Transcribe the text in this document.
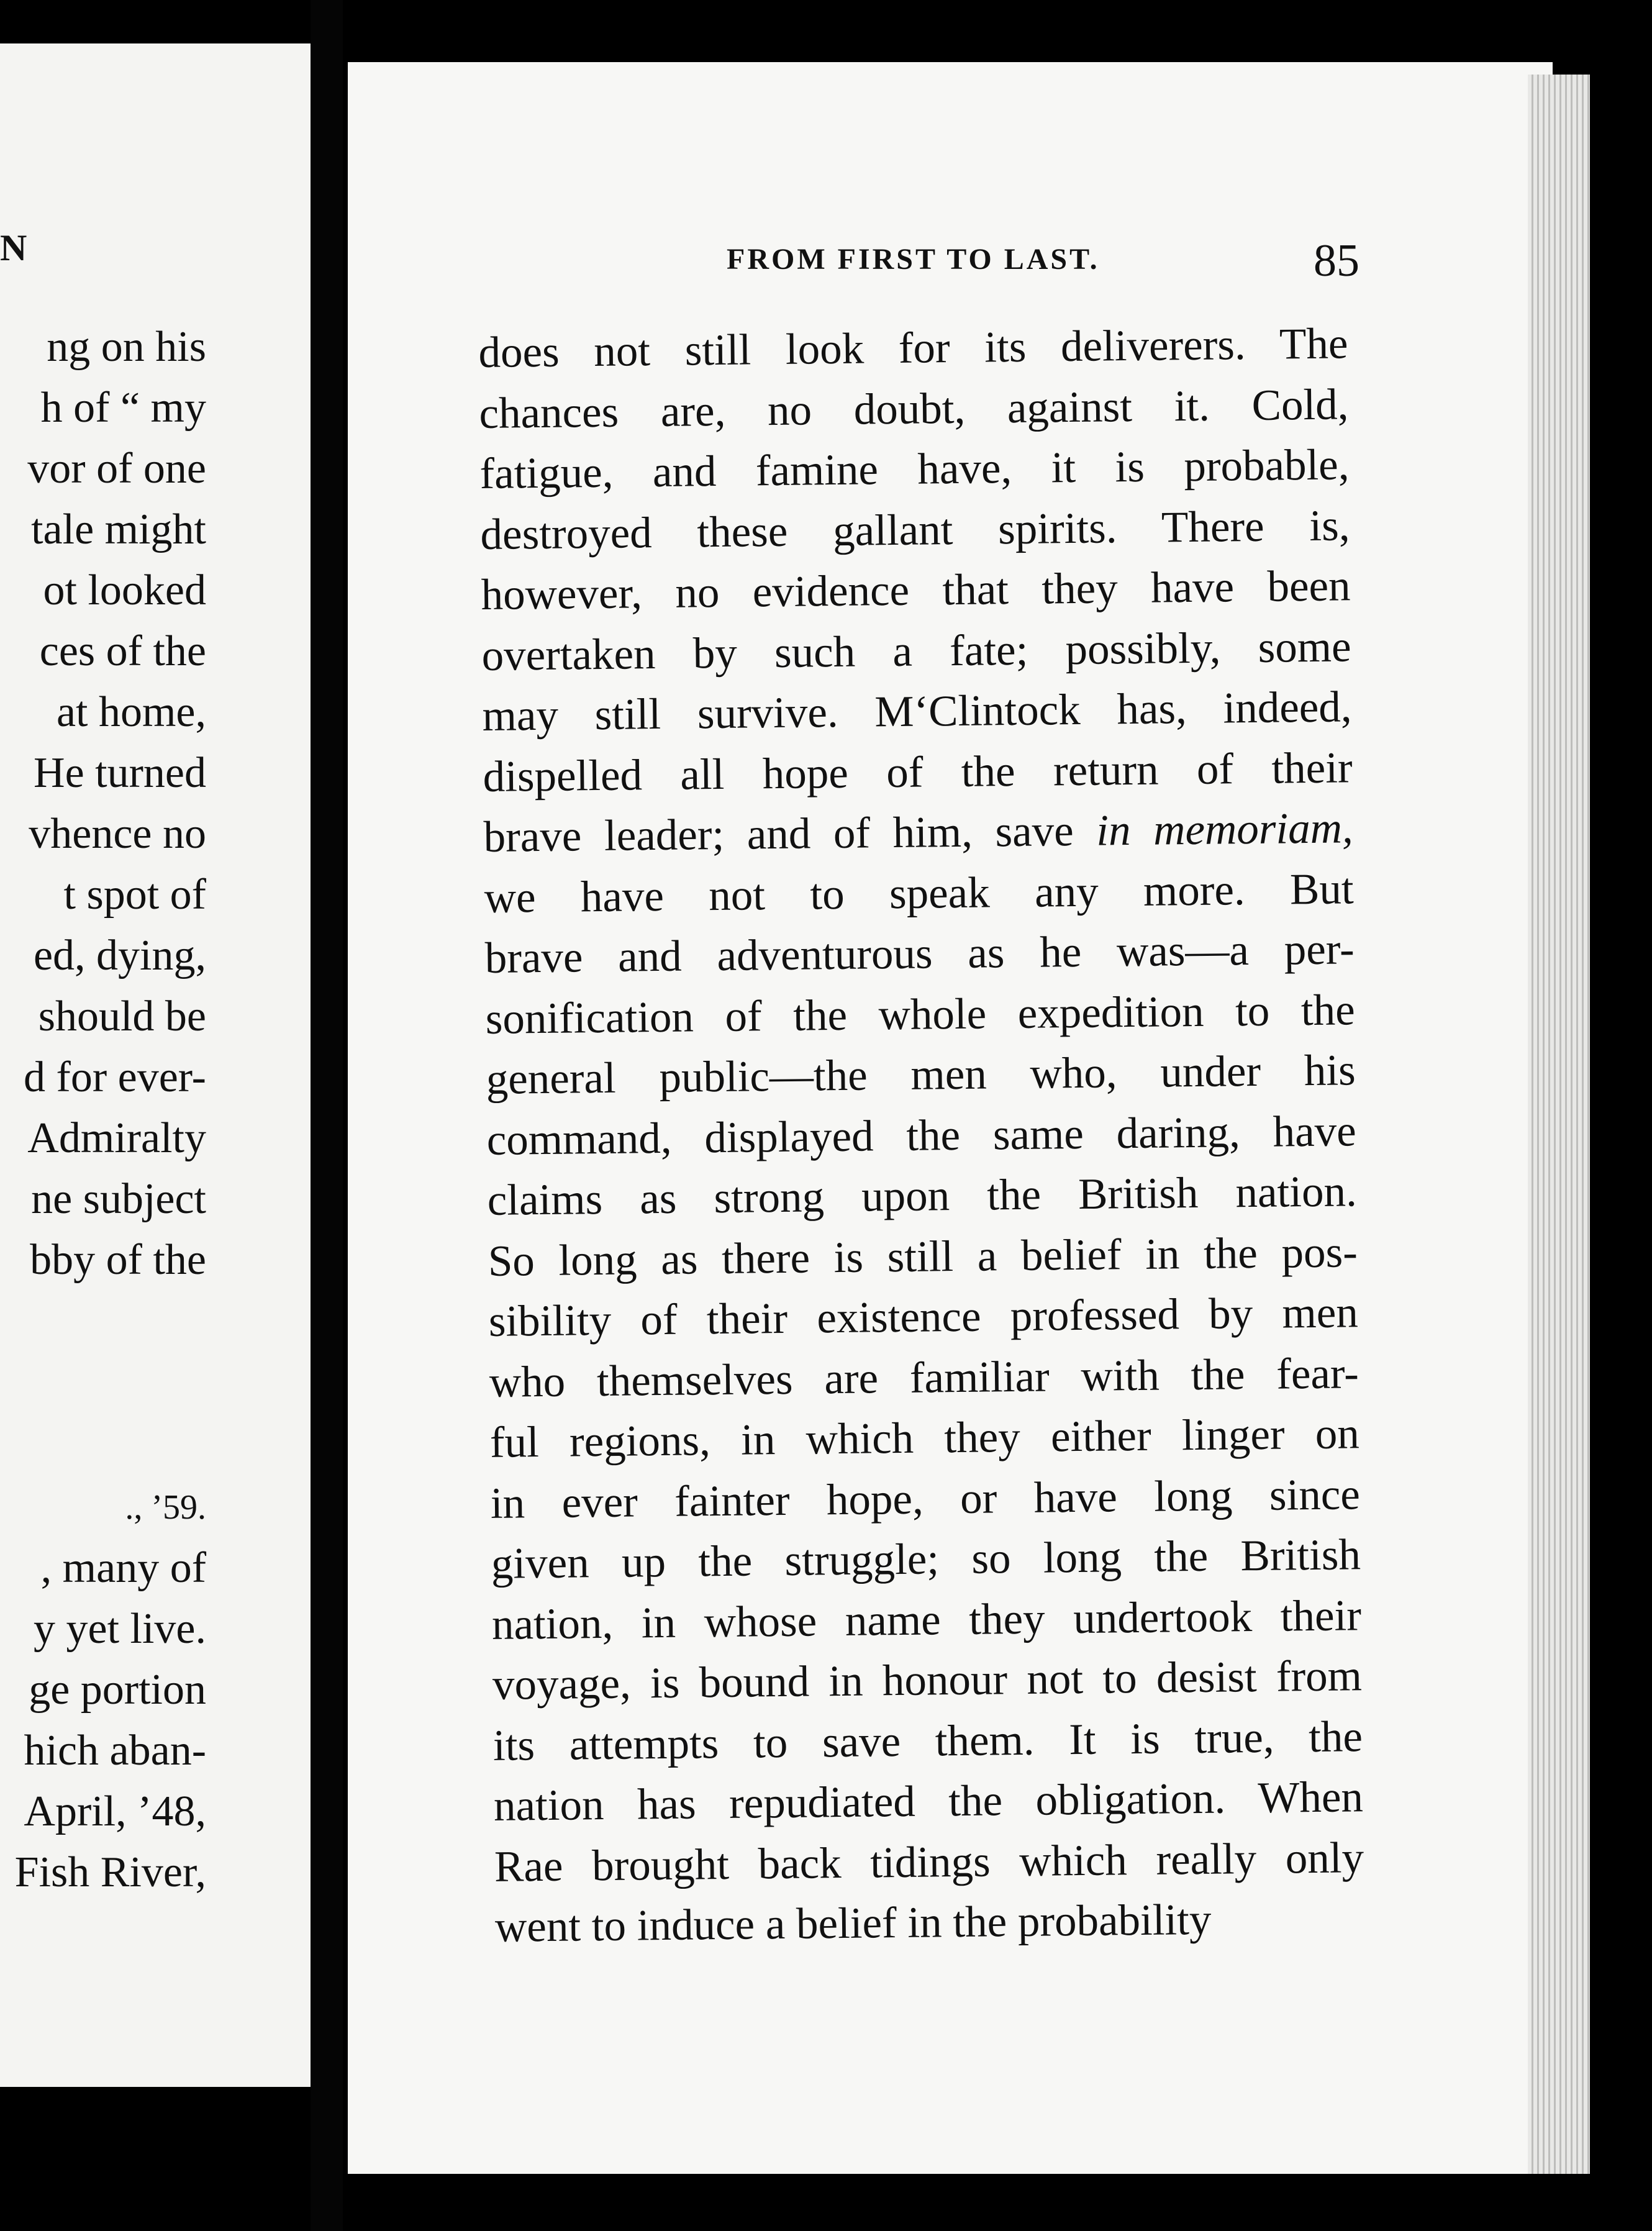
N
ng on his
h of “ my
vor of one
tale might
ot looked
ces of the
at home,
He turned
vhence no
t spot of
ed, dying,
should be
d for ever-
Admiralty
ne subject
bby of the
., ’59.
, many of
y yet live.
ge portion
hich aban-
April, ’48,
Fish River,
FROM FIRST TO LAST.	85
does not still look for its deliverers. The
chances are, no doubt, against it. Cold,
fatigue, and famine have, it is probable,
destroyed these gallant spirits. There is,
however, no evidence that they have been
overtaken by such a fate; possibly, some
may still survive. M‘Clintock has, indeed,
dispelled all hope of the return of their
brave leader; and of him, save in memoriam,
we have not to speak any more. But
brave and adventurous as he was—a per-
sonification of the whole expedition to the
general public—the men who, under his
command, displayed the same daring, have
claims as strong upon the British nation.
So long as there is still a belief in the pos-
sibility of their existence professed by men
who themselves are familiar with the fear-
ful regions, in which they either linger on
in ever fainter hope, or have long since
given up the struggle; so long the British
nation, in whose name they undertook their
voyage, is bound in honour not to desist from
its attempts to save them. It is true, the
nation has repudiated the obligation. When
Rae brought back tidings which really only
went to induce a belief in the probability
